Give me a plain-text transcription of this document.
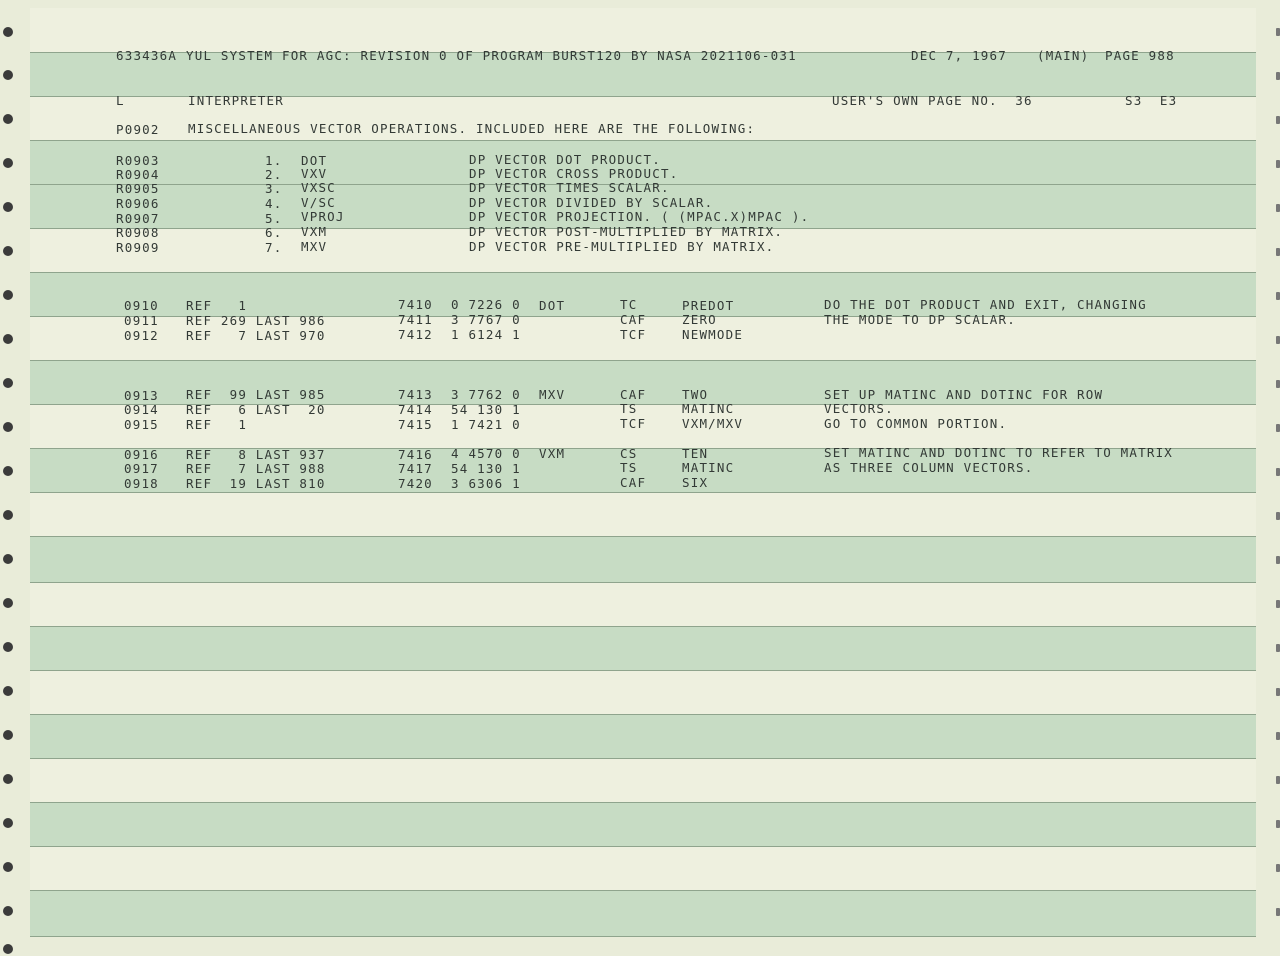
633436A YUL SYSTEM FOR AGC: REVISION 0 OF PROGRAM BURST120 BY NASA 2021106-031	DEC 7, 1967 (MAIN) PAGE 988
L	INTERPRETER	USER'S OWN PAGE NO.  36	S3  E3
P0902 MISCELLANEOUS VECTOR OPERATIONS. INCLUDED HERE ARE THE FOLLOWING:
R0903	1. DOT	DP VECTOR DOT PRODUCT.
R0904	2. VXV	DP VECTOR CROSS PRODUCT.
R0905	3. VXSC	DP VECTOR TIMES SCALAR.
R0906	4. V/SC	DP VECTOR DIVIDED BY SCALAR.
R0907	5. VPROJ	DP VECTOR PROJECTION. ( (MPAC.X)MPAC ).
R0908	6. VXM	DP VECTOR POST-MULTIPLIED BY MATRIX.
R0909	7. MXV	DP VECTOR PRE-MULTIPLIED BY MATRIX.
0910 REF   1	7410 0 7226 0 DOT	TC	PREDOT	DO THE DOT PRODUCT AND EXIT, CHANGING
0911 REF 269 LAST 986	7411 3 7767 0	CAF	ZERO	THE MODE TO DP SCALAR.
0912 REF   7 LAST 970	7412 1 6124 1	TCF	NEWMODE
0913 REF  99 LAST 985	7413 3 7762 0 MXV	CAF	TWO	SET UP MATINC AND DOTINC FOR ROW
0914 REF   6 LAST  20	7414 54 130 1	TS	MATINC	VECTORS.
0915 REF   1	7415 1 7421 0	TCF	VXM/MXV	GO TO COMMON PORTION.
0916 REF   8 LAST 937	7416 4 4570 0 VXM	CS	TEN	SET MATINC AND DOTINC TO REFER TO MATRIX
0917 REF   7 LAST 988	7417 54 130 1	TS	MATINC	AS THREE COLUMN VECTORS.
0918 REF  19 LAST 810	7420 3 6306 1	CAF	SIX
